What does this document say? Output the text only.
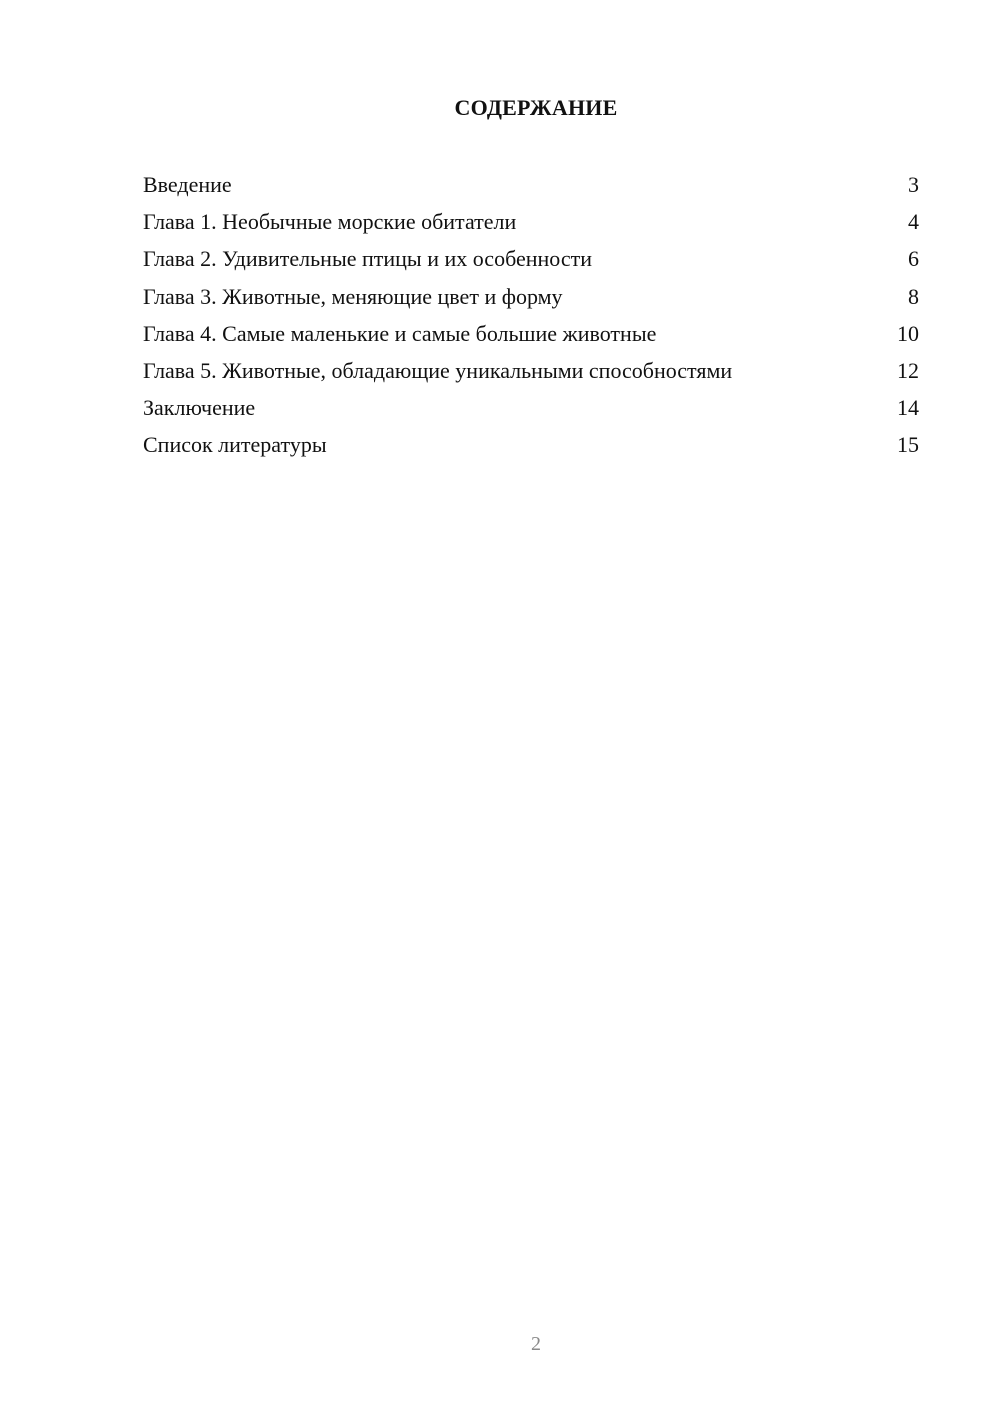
СОДЕРЖАНИЕ
Введение	3
Глава 1. Необычные морские обитатели	4
Глава 2. Удивительные птицы и их особенности	6
Глава 3. Животные, меняющие цвет и форму	8
Глава 4. Самые маленькие и самые большие животные	10
Глава 5. Животные, обладающие уникальными способностями	12
Заключение	14
Список литературы	15
2
